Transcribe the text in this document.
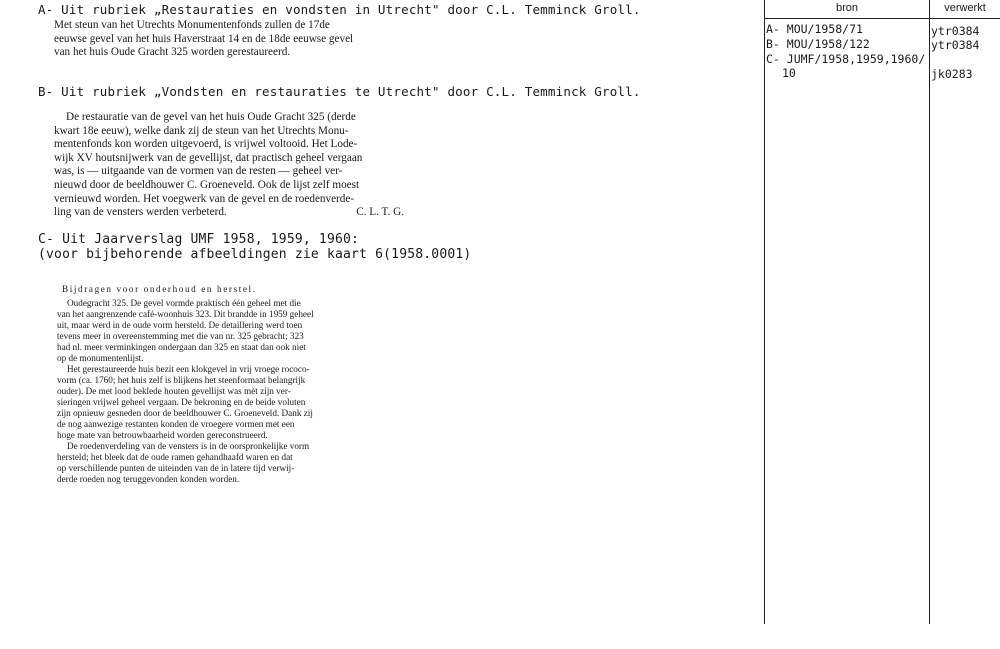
A- Uit rubriek „Restauraties en vondsten in Utrecht" door C.L. Temminck Groll.
Met steun van het Utrechts Monumentenfonds zullen de 17de
eeuwse gevel van het huis Haverstraat 14 en de 18de eeuwse gevel
van het huis Oude Gracht 325 worden gerestaureerd.
B- Uit rubriek „Vondsten en restauraties te Utrecht" door C.L. Temminck Groll.
De restauratie van de gevel van het huis Oude Gracht 325 (derde
kwart 18e eeuw), welke dank zij de steun van het Utrechts Monu-
mentenfonds kon worden uitgevoerd, is vrijwel voltooid. Het Lode-
wijk XV houtsnijwerk van de gevellijst, dat practisch geheel vergaan
was, is — uitgaande van de vormen van de resten — geheel ver-
nieuwd door de beeldhouwer C. Groeneveld. Ook de lijst zelf moest
vernieuwd worden. Het voegwerk van de gevel en de roedenverde-
ling van de vensters werden verbeterd.	C. L. T. G.
C- Uit Jaarverslag UMF 1958, 1959, 1960:
(voor bijbehorende afbeeldingen zie kaart 6(1958.0001)
Bijdragen voor onderhoud en herstel.
Oudegracht 325. De gevel vormde praktisch één geheel met die
van het aangrenzende café-woonhuis 323. Dit brandde in 1959 geheel
uit, maar werd in de oude vorm hersteld. De detaillering werd toen
tevens meer in overeenstemming met die van nr. 325 gebracht; 323
had nl. meer verminkingen ondergaan dan 325 en staat dan ook niet
op de monumentenlijst.
Het gerestaureerde huis bezit een klokgevel in vrij vroege rococo-
vorm (ca. 1760; het huis zelf is blijkens het steenformaat belangrijk
ouder). De met lood beklede houten gevellijst was mèt zijn ver-
sieringen vrijwel geheel vergaan. De bekroning en de beide voluten
zijn opnieuw gesneden door de beeldhouwer C. Groeneveld. Dank zij
de nog aanwezige restanten konden de vroegere vormen met een
hoge mate van betrouwbaarheid worden gereconstrueerd.
De roedenverdeling van de vensters is in de oorspronkelijke vorm
hersteld; het bleek dat de oude ramen gehandhaafd waren en dat
op verschillende punten de uiteinden van de in latere tijd verwij-
derde roeden nog teruggevonden konden worden.
bron	verwerkt
A- MOU/1958/71	ytr0384
B- MOU/1958/122	ytr0384
C- JUMF/1958,1959,1960/
10	jk0283
